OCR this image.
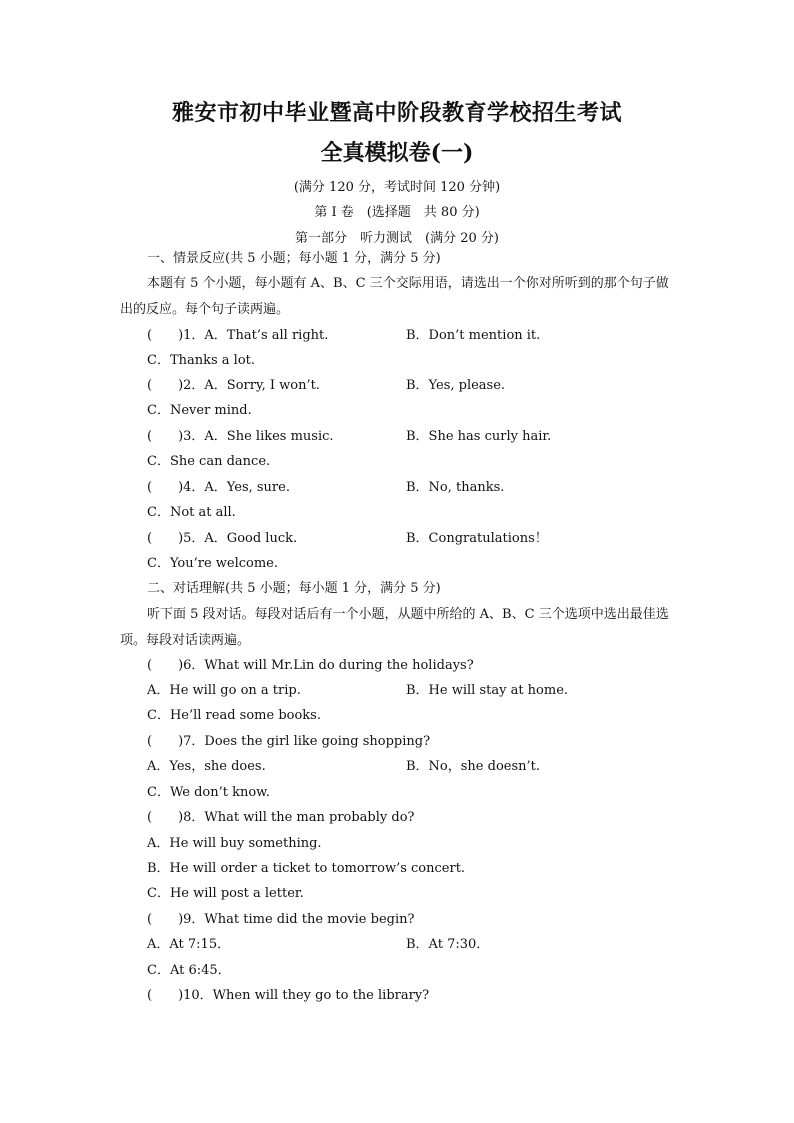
雅安市初中毕业暨高中阶段教育学校招生考试
全真模拟卷(一)
(满分 120 分，考试时间 120 分钟)
第 Ⅰ 卷　(选择题　共 80 分)
第一部分　听力测试　(满分 20 分)
一、情景反应(共 5 小题；每小题 1 分，满分 5 分)
本题有 5 个小题，每小题有 A、B、C 三个交际用语，请选出一个你对所听到的那个句子做出的反应。每个句子读两遍。
(　　)1．A．That’s all right.	B．Don’t mention it.
C．Thanks a lot.
(　　)2．A．Sorry, I won’t.	B．Yes, please.
C．Never mind.
(　　)3．A．She likes music.	B．She has curly hair.
C．She can dance.
(　　)4．A．Yes, sure.	B．No, thanks.
C．Not at all.
(　　)5．A．Good luck.	B．Congratulations！
C．You’re welcome.
二、对话理解(共 5 小题；每小题 1 分，满分 5 分)
听下面 5 段对话。每段对话后有一个小题，从题中所给的 A、B、C 三个选项中选出最佳选项。每段对话读两遍。
(　　)6．What will Mr.Lin do during the holidays?
A．He will go on a trip.	B．He will stay at home.
C．He’ll read some books.
(　　)7．Does the girl like going shopping?
A．Yes，she does.	B．No，she doesn’t.
C．We don’t know.
(　　)8．What will the man probably do?
A．He will buy something.
B．He will order a ticket to tomorrow’s concert.
C．He will post a letter.
(　　)9．What time did the movie begin?
A．At 7:15．	B．At 7:30．
C．At 6:45．
(　　)10．When will they go to the library?
